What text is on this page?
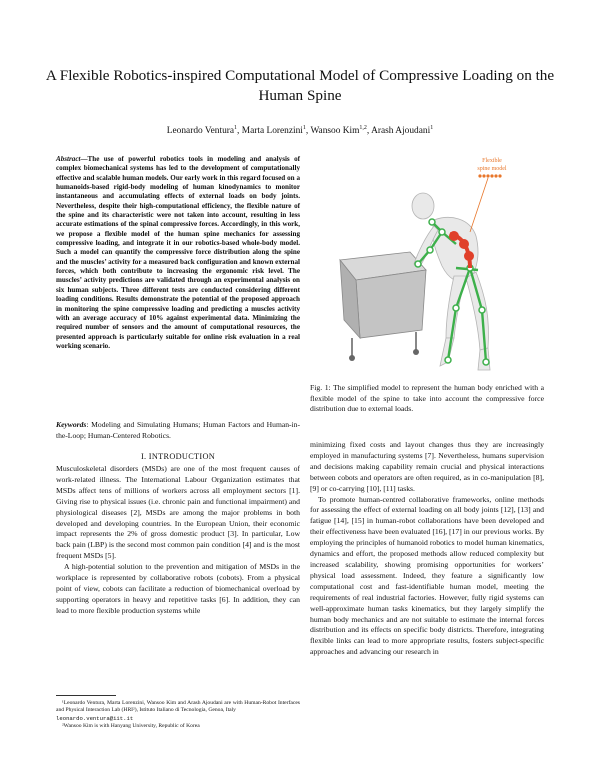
A Flexible Robotics-inspired Computational Model of Compressive Loading on the Human Spine
Leonardo Ventura$^1$, Marta Lorenzini$^1$, Wansoo Kim$^{1,2}$, Arash Ajoudani$^1$
Abstract—The use of powerful robotics tools in modeling and analysis of complex biomechanical systems has led to the development of computationally effective and scalable human models. Our early work in this regard focused on a humanoids-based rigid-body modeling of human kinodynamics to monitor instantaneous and accumulating effects of external loads on body joints. Nevertheless, despite their high-computational efficiency, the flexible nature of the spine and its characteristic were not taken into account, resulting in less accurate estimations of the spinal compressive forces. Accordingly, in this work, we propose a flexible model of the human spine mechanics for assessing compressive loading, and integrate it in our robotics-based whole-body model. Such a model can quantify the compressive force distribution along the spine and the muscles’ activity for a measured back configuration and known external forces, which both contribute to increasing the ergonomic risk level. The muscles’ activity predictions are validated through an experimental analysis on six human subjects. Three different tests are conducted considering different loading conditions. Results demonstrate the potential of the proposed approach in monitoring the spine compressive loading and predicting a muscles activity with an average accuracy of 10% against experimental data. Minimizing the required number of sensors and the amount of computational resources, the presented approach is particularly suitable for online risk evaluation in a real working scenario.
Keywords: Modeling and Simulating Humans; Human Factors and Human-in-the-Loop; Human-Centered Robotics.
I. INTRODUCTION

Musculoskeletal disorders (MSDs) are one of the most frequent causes of work-related illness. The International Labour Organization estimates that MSDs affect tens of millions of workers across all employment sectors [1]. Giving rise to physical issues (i.e. chronic pain and functional impairment) and physiological diseases [2], MSDs are among the major problems in both developed and developing countries. In the European Union, their economic impact represents the 2% of gross domestic product [3]. In particular, Low back pain (LBP) is the second most common pain condition [4] and is the most frequent MSDs [5].

A high-potential solution to the prevention and mitigation of MSDs in the workplace is represented by collaborative robots (cobots). From a physical point of view, cobots can facilitate a reduction of biomechanical overload by supporting operators in heavy and repetitive tasks [6]. In addition, they can lead to more flexible production systems while

¹Leonardo Ventura, Marta Lorenzini, Wansoo Kim and Arash Ajoudani are with Human-Robot Interfaces and Physical Interaction Lab (HRI²), Istituto Italiano di Tecnologia, Genoa, Italy
leonardo.ventura@iit.it

²Wansoo Kim is with Hanyang University, Republic of Korea

Flexible
spine model
Fig. 1: The simplified model to represent the human body enriched with a flexible model of the spine to take into account the compressive force distribution due to external loads.

minimizing fixed costs and layout changes thus they are increasingly employed in manufacturing systems [7]. Nevertheless, humans supervision and decisions making capability remain crucial and physical interactions between cobots and operators are often required, as in co-manipulation [8], [9] or co-carrying [10], [11] tasks.

To promote human-centred collaborative frameworks, online methods for assessing the effect of external loading on all body joints [12], [13] and fatigue [14], [15] in human-robot collaborations have been developed and their effectiveness have been evaluated [16], [17] in our previous works. By employing the principles of humanoid robotics to model human kinematics, dynamics and effort, the proposed methods allow reduced complexity but increased scalability, showing promising opportunities for workers’ physical load assessment. Indeed, they feature a significantly low computational cost and fast-identifiable human model, meeting the requirements of real industrial factories. However, fully rigid systems can well-approximate human tasks kinematics, but they largely simplify the human body mechanics and are not suitable to estimate the internal forces distribution and its effects on specific body districts. Therefore, integrating flexible links can lead to more appropriate results, fosters subject-specific approaches and advancing our research in
